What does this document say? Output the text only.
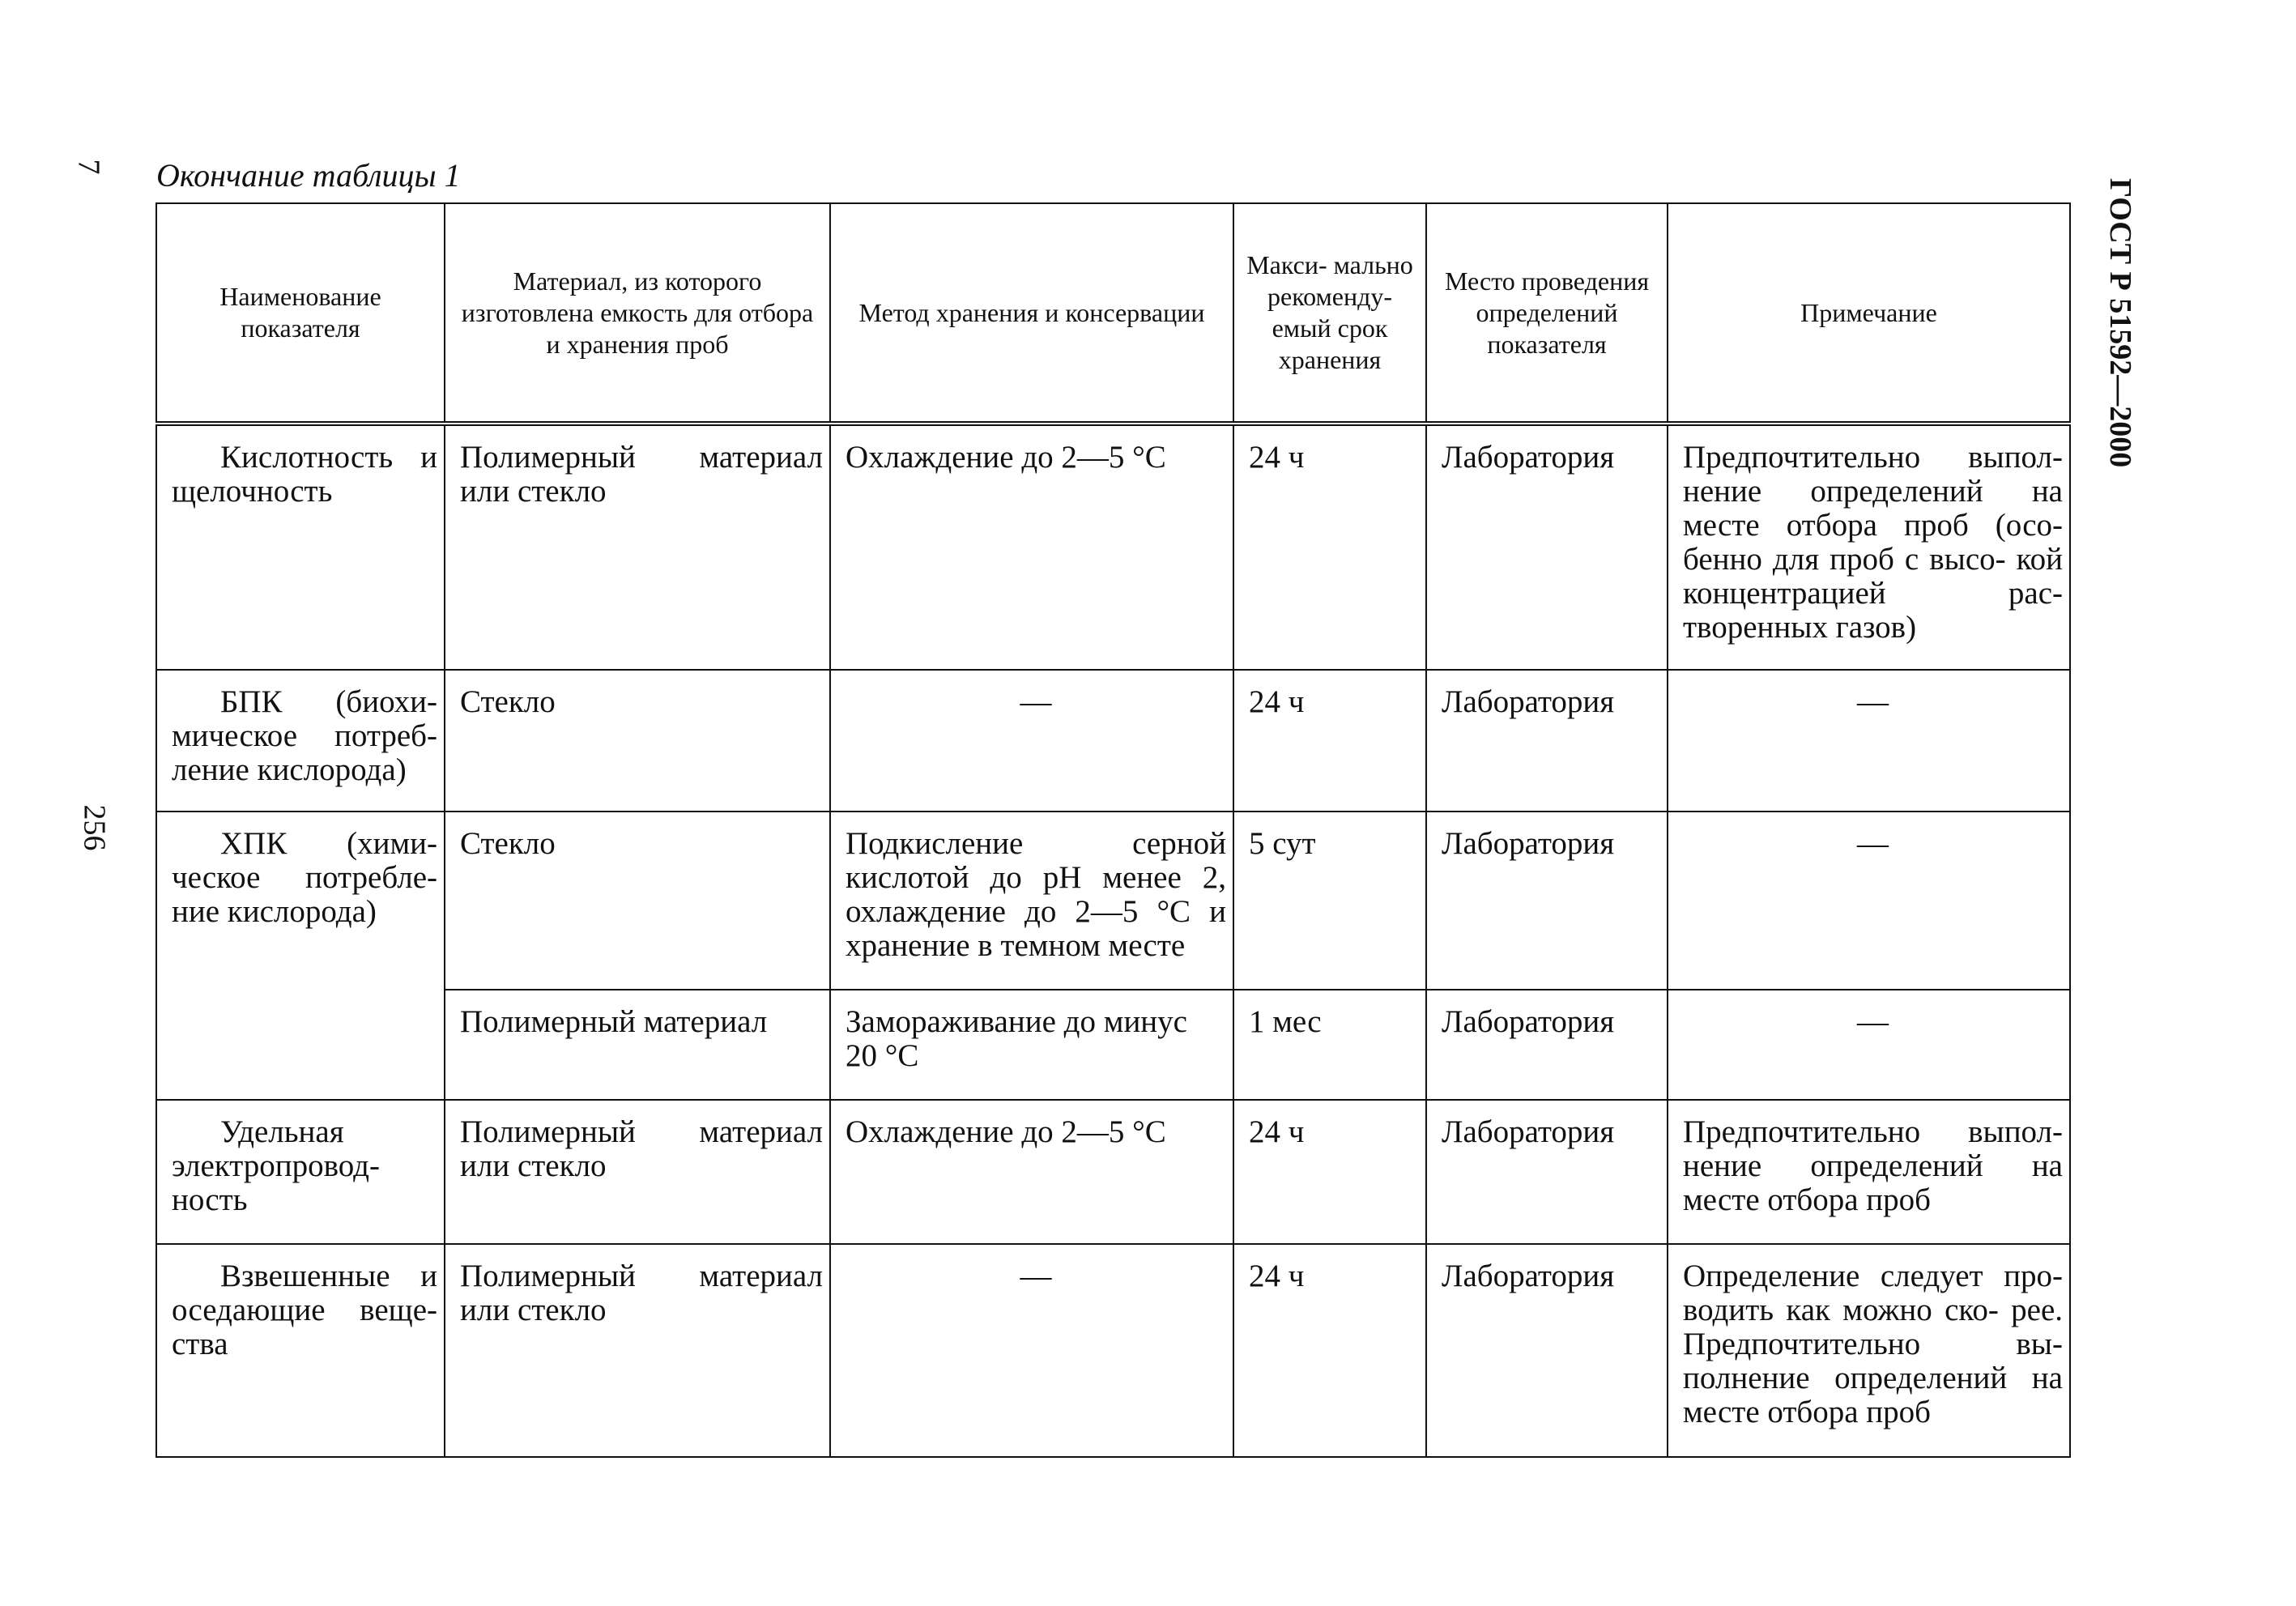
7
256
ГОСТ Р 51592—2000
Окончание таблицы 1
Наименование показателя	Материал, из которого изготовлена емкость для отбора и хранения проб	Метод хранения и консервации	Макси- мально рекоменду- емый срок хранения	Место проведения определений показателя	Примечание
Кислотность и щелочность	Полимерный материал или стекло	Охлаждение до 2—5 °С	24 ч	Лаборатория	Предпочтительно выпол- нение определений на месте отбора проб (осо- бенно для проб с высо- кой концентрацией рас- творенных газов)
БПК (биохи- мическое потреб- ление кислорода)	Стекло	—	24 ч	Лаборатория	—
ХПК (хими- ческое потребле- ние кислорода)	Стекло	Подкисление серной кислотой до рН менее 2, охлаждение до 2—5 °С и хранение в темном месте	5 сут	Лаборатория	—
	Полимерный материал	Замораживание до минус 20 °С	1 мес	Лаборатория	—
Удельная электропровод- ность	Полимерный материал или стекло	Охлаждение до 2—5 °С	24 ч	Лаборатория	Предпочтительно выпол- нение определений на месте отбора проб
Взвешенные и оседающие веще- ства	Полимерный материал или стекло	—	24 ч	Лаборатория	Определение следует про- водить как можно ско- рее. Предпочтительно вы- полнение определений на месте отбора проб
